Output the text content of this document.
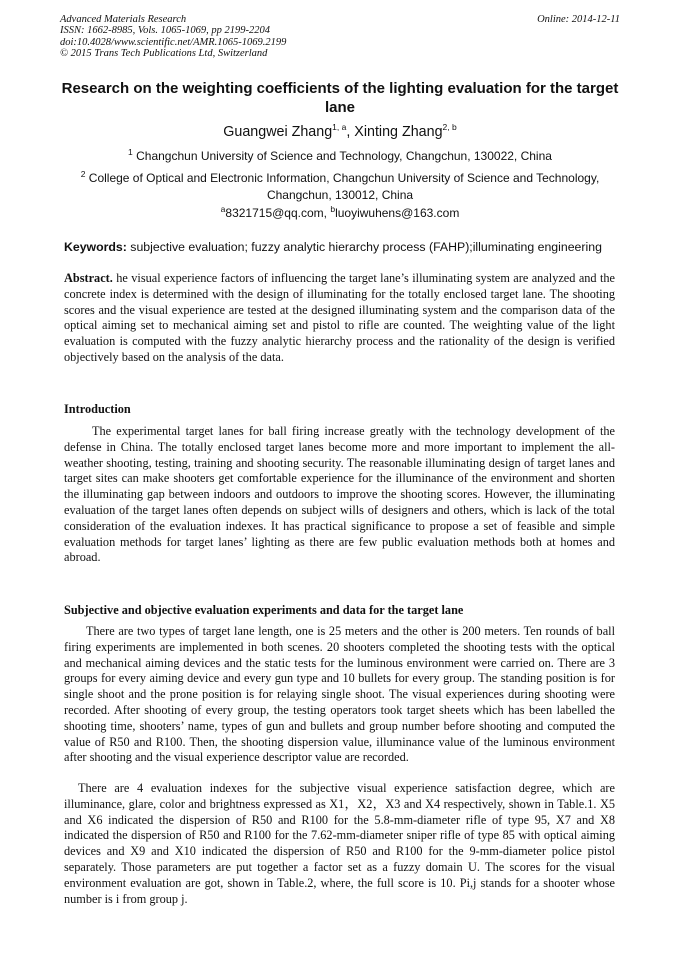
Advanced Materials Research
ISSN: 1662-8985, Vols. 1065-1069, pp 2199-2204
doi:10.4028/www.scientific.net/AMR.1065-1069.2199
© 2015 Trans Tech Publications Ltd, Switzerland
Online: 2014-12-11
Research on the weighting coefficients of the lighting evaluation for the target lane
Guangwei Zhang$^{1, a}$, Xinting Zhang$^{2, b}$
$^1$ Changchun University of Science and Technology, Changchun, 130022, China
$^2$ College of Optical and Electronic Information, Changchun University of Science and Technology, Changchun, 130012, China
$^a$8321715@qq.com, $^b$luoyiwuhens@163.com
Keywords: subjective evaluation; fuzzy analytic hierarchy process (FAHP);illuminating engineering
Abstract. he visual experience factors of influencing the target lane’s illuminating system are analyzed and the concrete index is determined with the design of illuminating for the totally enclosed target lane. The shooting scores and the visual experience are tested at the designed illuminating system and the comparison data of the optical aiming set to mechanical aiming set and pistol to rifle are counted. The weighting value of the light evaluation is computed with the fuzzy analytic hierarchy process and the rationality of the design is verified objectively based on the analysis of the data.
Introduction

The experimental target lanes for ball firing increase greatly with the technology development of the defense in China. The totally enclosed target lanes become more and more important to implement the all-weather shooting, testing, training and shooting security. The reasonable illuminating design of target lanes and target sites can make shooters get comfortable experience for the illuminance of the environment and shorten the illuminating gap between indoors and outdoors to improve the shooting scores. However, the illuminating evaluation of the target lanes often depends on subject wills of designers and others, which is lack of the total consideration of the evaluation indexes. It has practical significance to propose a set of feasible and simple evaluation methods for target lanes’ lighting as there are few public evaluation methods both at homes and abroad.

Subjective and objective evaluation experiments and data for the target lane

There are two types of target lane length, one is 25 meters and the other is 200 meters. Ten rounds of ball firing experiments are implemented in both scenes. 20 shooters completed the shooting tests with the optical and mechanical aiming devices and the static tests for the luminous environment were carried on. There are 3 groups for every aiming device and every gun type and 10 bullets for every group. The standing position is for single shoot and the prone position is for relaying single shoot. The visual experiences during shooting were recorded. After shooting of every group, the testing operators took target sheets which has been labelled the shooting time, shooters’ name, types of gun and bullets and group number before shooting and computed the value of R50 and R100. Then, the shooting dispersion value, illuminance value of the luminous environment after shooting and the visual experience descriptor value are recorded.

There are 4 evaluation indexes for the subjective visual experience satisfaction degree, which are illuminance, glare, color and brightness expressed as X1，X2，X3 and X4 respectively, shown in Table.1. X5 and X6 indicated the dispersion of R50 and R100 for the 5.8-mm-diameter rifle of type 95, X7 and X8 indicated the dispersion of R50 and R100 for the 7.62-mm-diameter sniper rifle of type 85 with optical aiming devices and X9 and X10 indicated the dispersion of R50 and R100 for the 9-mm-diameter police pistol separately. Those parameters are put together a factor set as a fuzzy domain U. The scores for the visual environment evaluation are got, shown in Table.2, where, the full score is 10. Pi,j stands for a shooter whose number is i from group j.
